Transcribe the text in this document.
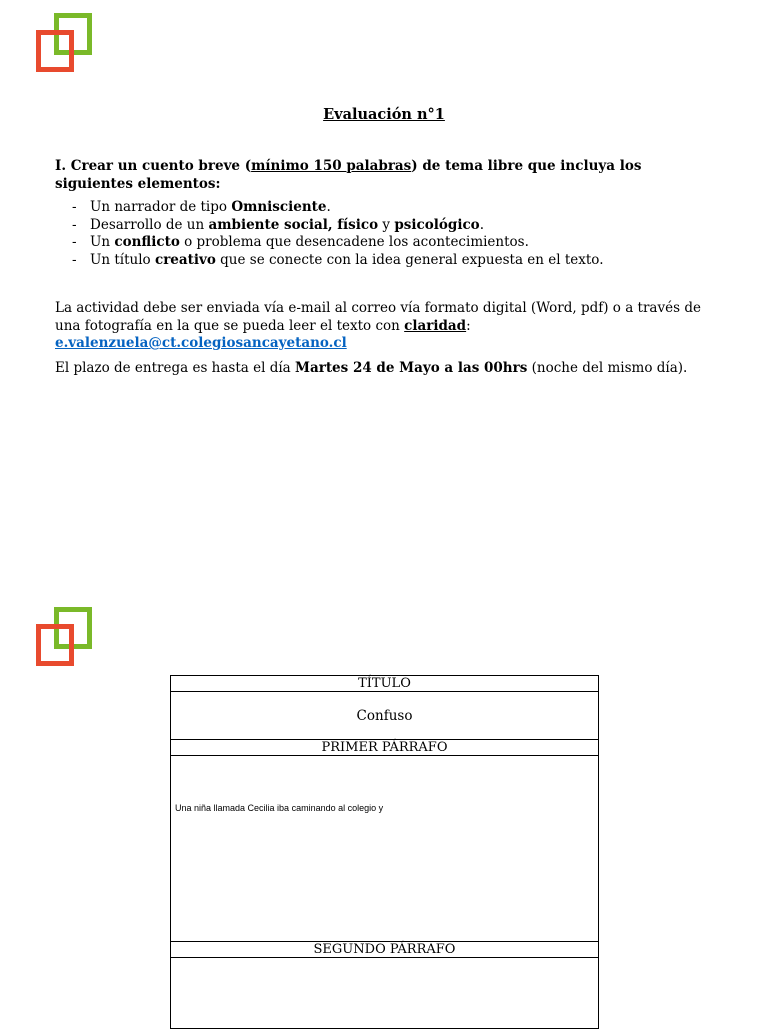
Evaluación n°1
I. Crear un cuento breve (mínimo 150 palabras) de tema libre que incluya los siguientes elementos:
- Un narrador de tipo Omnisciente.
- Desarrollo de un ambiente social, físico y psicológico.
- Un conflicto o problema que desencadene los acontecimientos.
- Un título creativo que se conecte con la idea general expuesta en el texto.
La actividad debe ser enviada vía e-mail al correo vía formato digital (Word, pdf) o a través de una fotografía en la que se pueda leer el texto con claridad:
e.valenzuela@ct.colegiosancayetano.cl
El plazo de entrega es hasta el día Martes 24 de Mayo a las 00hrs (noche del mismo día).
TÍTULO
Confuso
PRIMER PÁRRAFO

Una niña llamada Cecilia iba caminando al colegio y

SEGUNDO PÁRRAFO
